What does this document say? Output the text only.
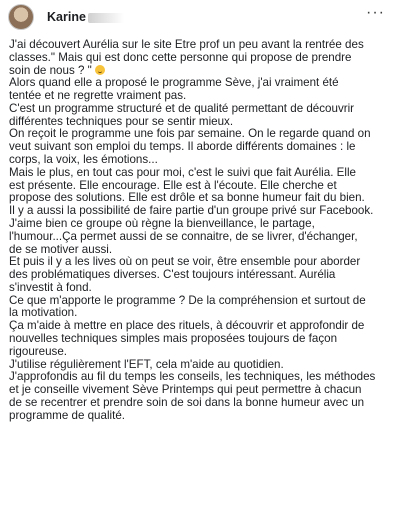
Karine	···
J'ai découvert Aurélia sur le site Etre prof un peu avant la rentrée des
classes." Mais qui est donc cette personne qui propose de prendre
soin de nous ? "
Alors quand elle a proposé le programme Sève, j'ai vraiment été
tentée et ne regrette vraiment pas.
C'est un programme structuré et de qualité permettant de découvrir
différentes techniques pour se sentir mieux.
On reçoit le programme une fois par semaine. On le regarde quand on
veut suivant son emploi du temps. Il aborde différents domaines : le
corps, la voix, les émotions...
Mais le plus, en tout cas pour moi, c'est le suivi que fait Aurélia. Elle
est présente. Elle encourage. Elle est à l'écoute. Elle cherche et
propose des solutions. Elle est drôle et sa bonne humeur fait du bien.
Il y a aussi la possibilité de faire partie d'un groupe privé sur Facebook.
J'aime bien ce groupe où règne la bienveillance, le partage,
l'humour...Ça permet aussi de se connaitre, de se livrer, d'échanger,
de se motiver aussi.
Et puis il y a les lives où on peut se voir, être ensemble pour aborder
des problématiques diverses. C'est toujours intéressant. Aurélia
s'investit à fond.
Ce que m'apporte le programme ? De la compréhension et surtout de
la motivation.
Ça m'aide à mettre en place des rituels, à découvrir et approfondir de
nouvelles techniques simples mais proposées toujours de façon
rigoureuse.
J'utilise régulièrement l'EFT, cela m'aide au quotidien.
J'approfondis au fil du temps les conseils, les techniques, les méthodes
et je conseille vivement Sève Printemps qui peut permettre à chacun
de se recentrer et prendre soin de soi dans la bonne humeur avec un
programme de qualité.
